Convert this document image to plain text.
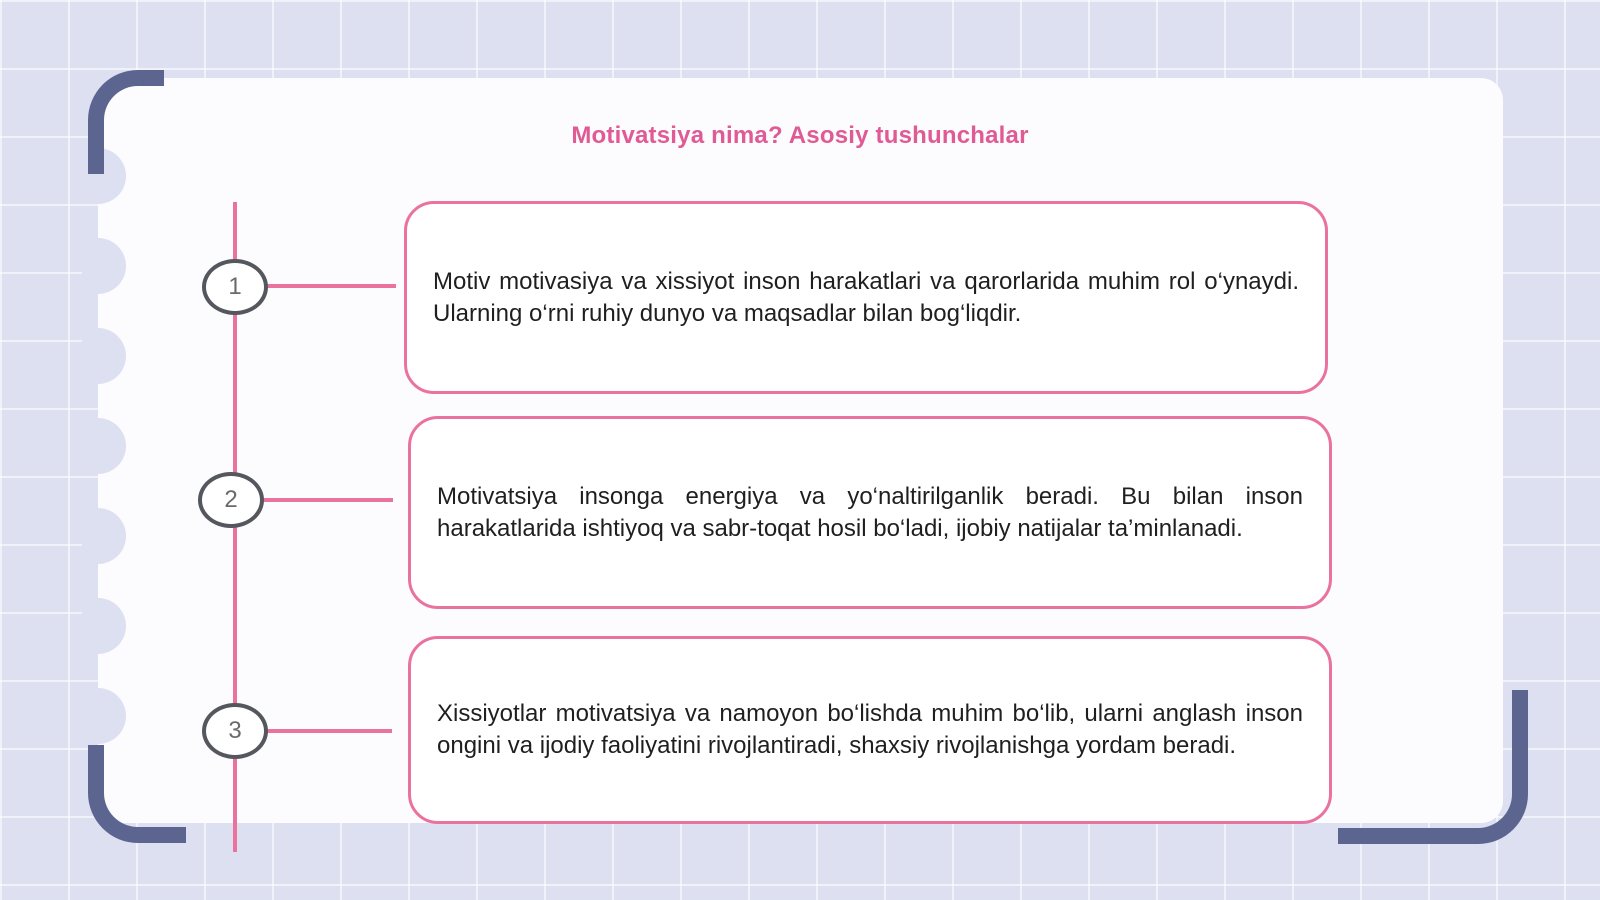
Motivatsiya nima? Asosiy tushunchalar
1
2
3
Motiv motivasiya va xissiyot inson harakatlari va qarorlarida muhim rol o‘ynaydi. Ularning o‘rni ruhiy dunyo va maqsadlar bilan bog‘liqdir.
Motivatsiya insonga energiya va yo‘naltirilganlik beradi. Bu bilan inson harakatlarida ishtiyoq va sabr-toqat hosil bo‘ladi, ijobiy natijalar ta’minlanadi.
Xissiyotlar motivatsiya va namoyon bo‘lishda muhim bo‘lib, ularni anglash inson ongini va ijodiy faoliyatini rivojlantiradi, shaxsiy rivojlanishga yordam beradi.
